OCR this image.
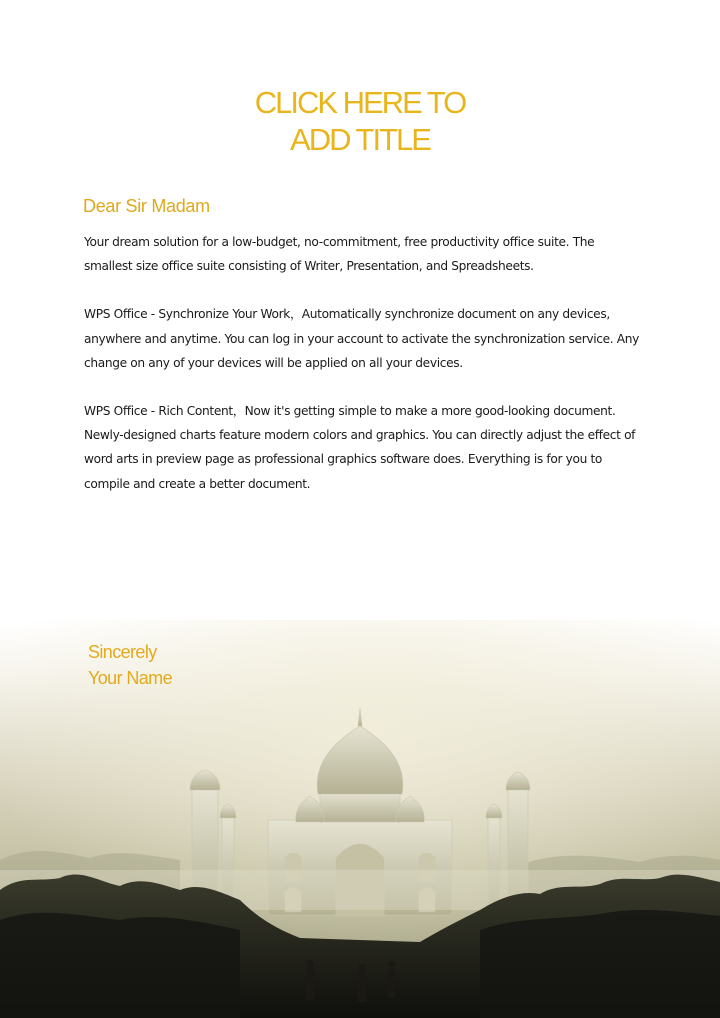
CLICK HERE TO
ADD TITLE
Dear Sir Madam

Your dream solution for a low-budget, no-commitment, free productivity office suite. The smallest size office suite consisting of Writer, Presentation, and Spreadsheets.

WPS Office - Synchronize Your Work，Automatically synchronize document on any devices, anywhere and anytime. You can log in your account to activate the synchronization service. Any change on any of your devices will be applied on all your devices.

WPS Office - Rich Content，Now it's getting simple to make a more good-looking document. Newly-designed charts feature modern colors and graphics. You can directly adjust the effect of word arts in preview page as professional graphics software does. Everything is for you to compile and create a better document.

Sincerely
Your Name
